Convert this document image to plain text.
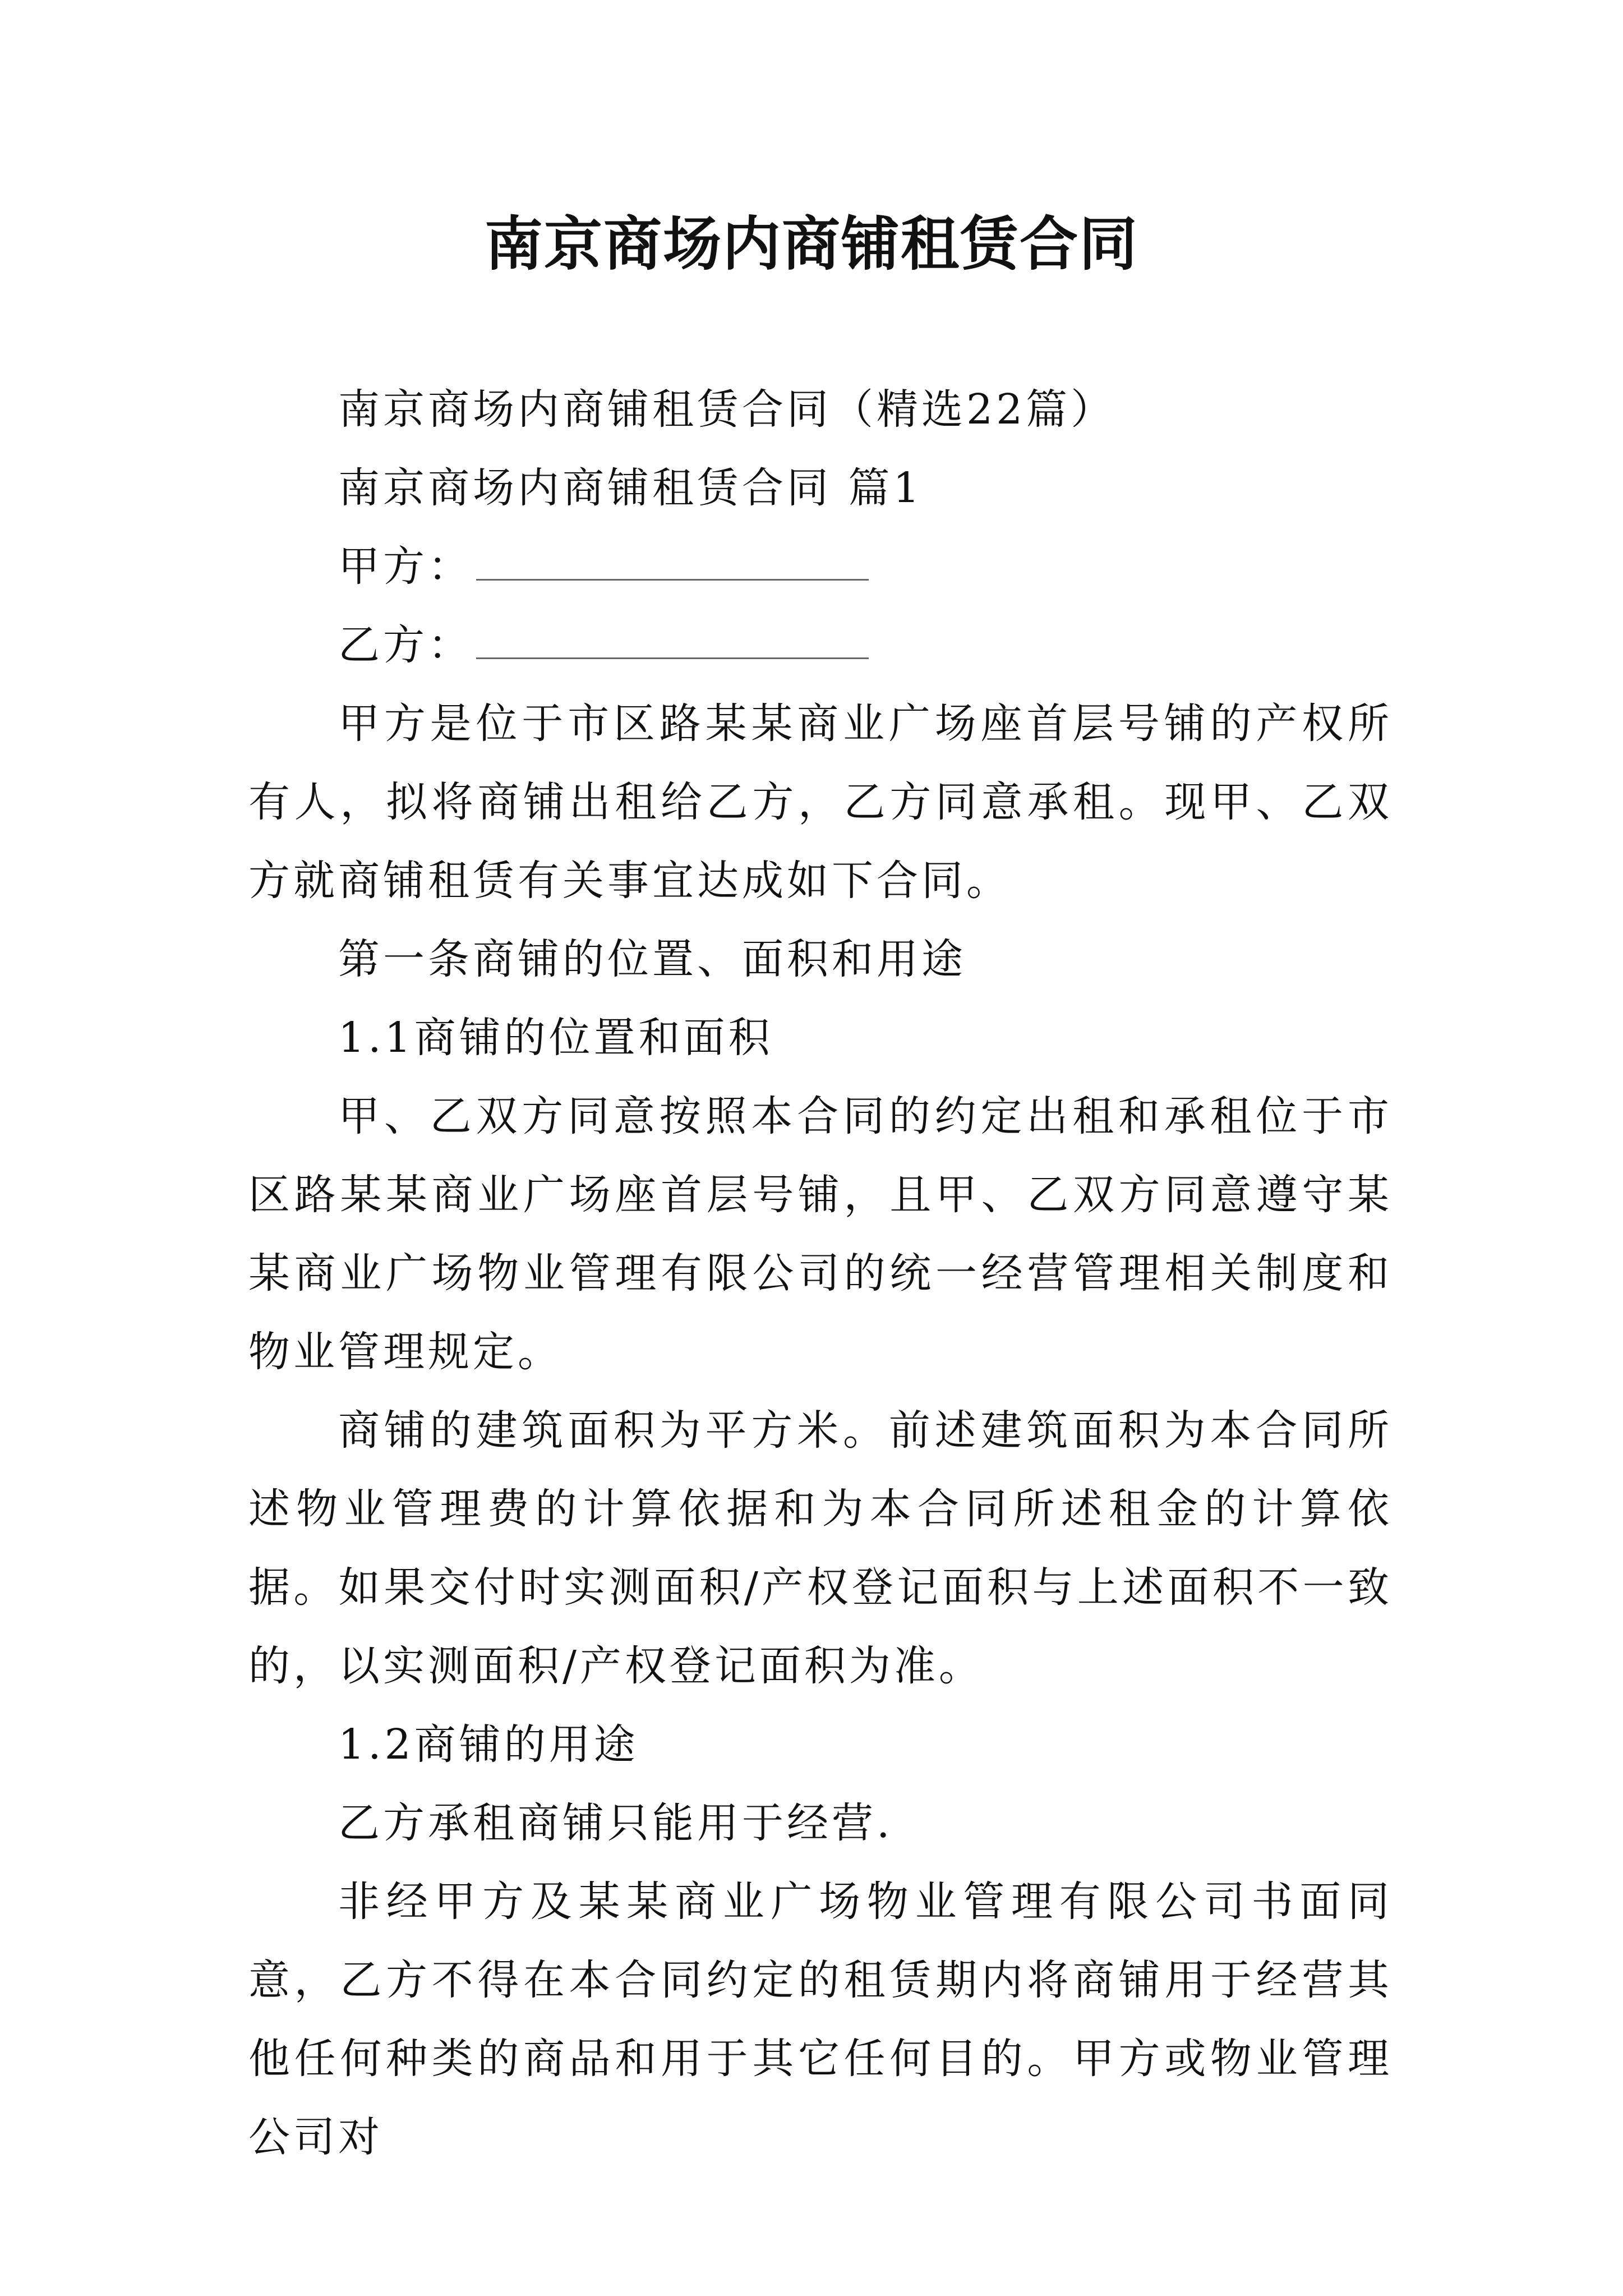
南京商场内商铺租赁合同

南京商场内商铺租赁合同（精选22篇）

南京商场内商铺租赁合同 篇1

甲方：

乙方：

甲方是位于市区路某某商业广场座首层号铺的产权所有人，拟将商铺出租给乙方，乙方同意承租。现甲、乙双方就商铺租赁有关事宜达成如下合同。

第一条商铺的位置、面积和用途

1.1商铺的位置和面积

甲、乙双方同意按照本合同的约定出租和承租位于市区路某某商业广场座首层号铺，且甲、乙双方同意遵守某某商业广场物业管理有限公司的统一经营管理相关制度和物业管理规定。

商铺的建筑面积为平方米。前述建筑面积为本合同所述物业管理费的计算依据和为本合同所述租金的计算依据。如果交付时实测面积/产权登记面积与上述面积不一致的，以实测面积/产权登记面积为准。

1.2商铺的用途

乙方承租商铺只能用于经营.

非经甲方及某某商业广场物业管理有限公司书面同意，乙方不得在本合同约定的租赁期内将商铺用于经营其他任何种类的商品和用于其它任何目的。甲方或物业管理公司对
